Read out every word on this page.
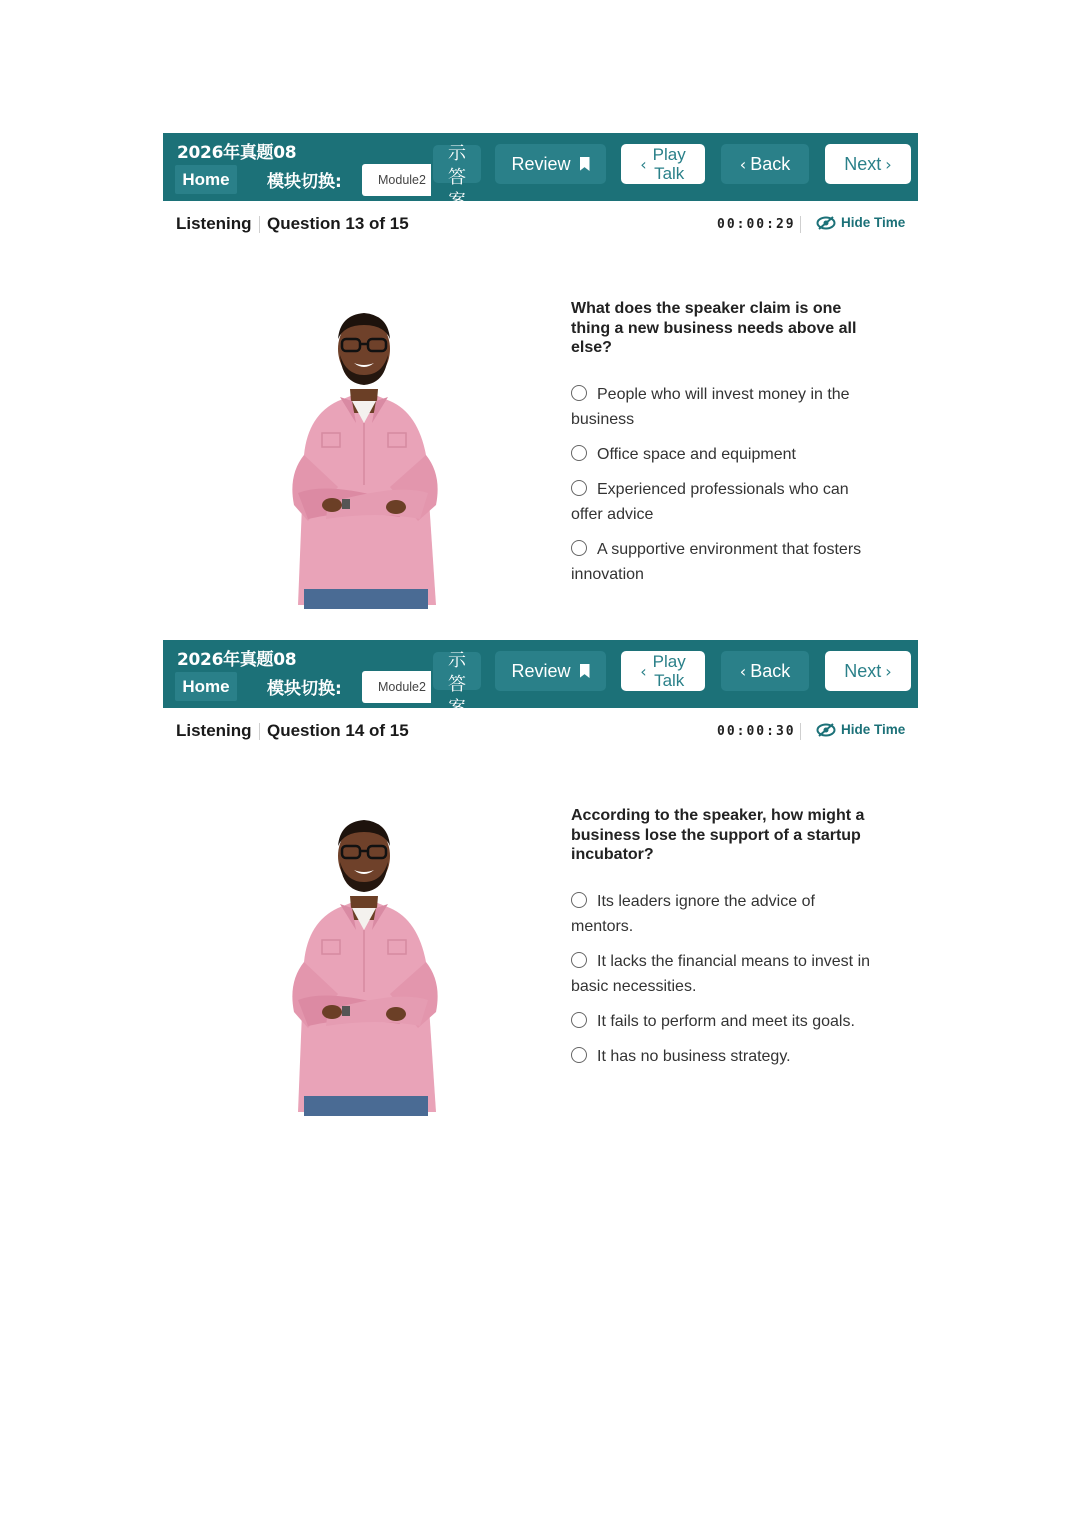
2026年真题08
Home	模块切换:	Module2
示
答
案
Review	‹ Play
Talk	‹ Back	Next ›
Listening Question 13 of 15	00:00:29	Hide Time
What does the speaker claim is one thing a new business needs above all else?
People who will invest money in the business
Office space and equipment
Experienced professionals who can offer advice
A supportive environment that fosters innovation
2026年真题08
Home	模块切换:	Module2
示
答
案
Review	‹ Play
Talk	‹ Back	Next ›
Listening Question 14 of 15	00:00:30	Hide Time
According to the speaker, how might a business lose the support of a startup incubator?
Its leaders ignore the advice of mentors.
It lacks the financial means to invest in basic necessities.
It fails to perform and meet its goals.
It has no business strategy.
